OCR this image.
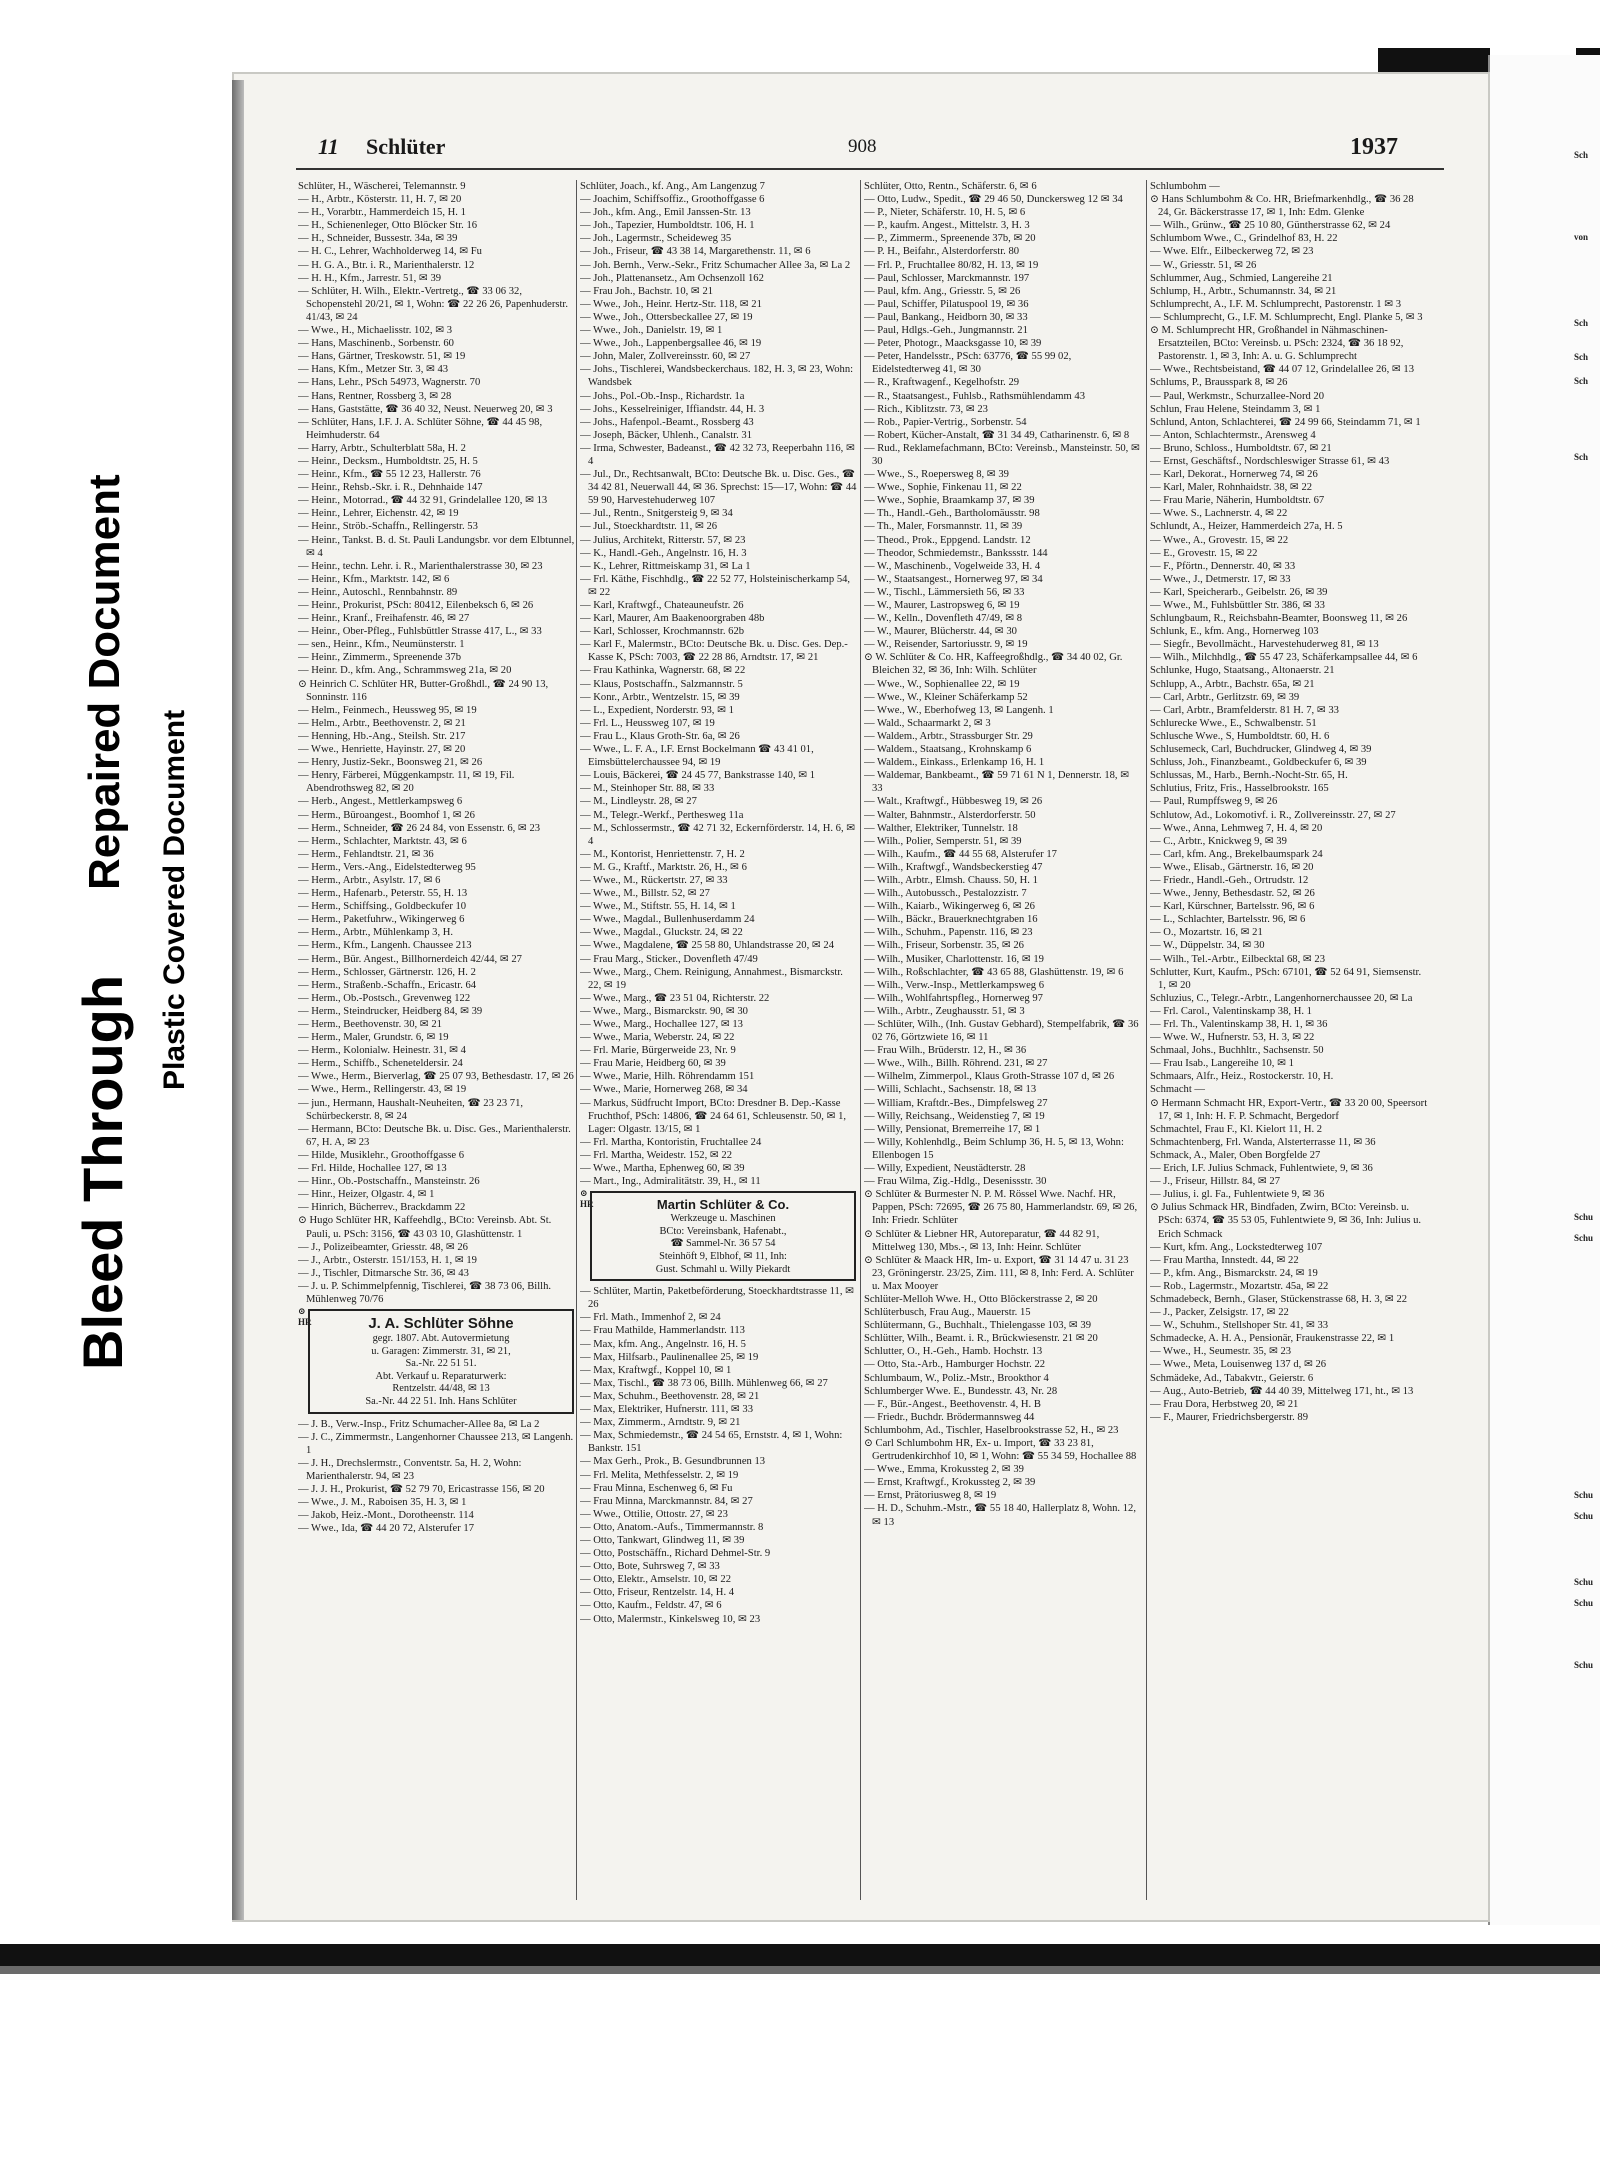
Bleed Through
Repaired Document
Plastic Covered Document
Sch
von
Sch
Sch
Sch
Sch
Schu
Schu
Schu
Schu
Schu
Schu
Schu
11 Schlüter	908	1937

Schlüter, H., Wäscherei, Telemannstr. 9

— H., Arbtr., Kösterstr. 11, H. 7, ✉ 20

— H., Vorarbtr., Hammerdeich 15, H. 1

— H., Schienenleger, Otto Blöcker Str. 16

— H., Schneider, Bussestr. 34a, ✉ 39

— H. C., Lehrer, Wachholderweg 14, ✉ Fu

— H. G. A., Btr. i. R., Marienthalerstr. 12

— H. H., Kfm., Jarrestr. 51, ✉ 39

— Schlüter, H. Wilh., Elektr.-Vertretg., ☎ 33 06 32, Schopenstehl 20/21, ✉ 1, Wohn: ☎ 22 26 26, Papenhuderstr. 41/43, ✉ 24

— Wwe., H., Michaelisstr. 102, ✉ 3

— Hans, Maschinenb., Sorbenstr. 60

— Hans, Gärtner, Treskowstr. 51, ✉ 19

— Hans, Kfm., Metzer Str. 3, ✉ 43

— Hans, Lehr., PSch 54973, Wagnerstr. 70

— Hans, Rentner, Rossberg 3, ✉ 28

— Hans, Gaststätte, ☎ 36 40 32, Neust. Neuerweg 20, ✉ 3

— Schlüter, Hans, I.F. J. A. Schlüter Söhne, ☎ 44 45 98, Heimhuderstr. 64

— Harry, Arbtr., Schulterblatt 58a, H. 2

— Heinr., Decksm., Humboldtstr. 25, H. 5

— Heinr., Kfm., ☎ 55 12 23, Hallerstr. 76

— Heinr., Rehsb.-Skr. i. R., Dehnhaide 147

— Heinr., Motorrad., ☎ 44 32 91, Grindelallee 120, ✉ 13

— Heinr., Lehrer, Eichenstr. 42, ✉ 19

— Heinr., Ströb.-Schaffn., Rellingerstr. 53

— Heinr., Tankst. B. d. St. Pauli Landungsbr. vor dem Elbtunnel, ✉ 4

— Heinr., techn. Lehr. i. R., Marienthalerstrasse 30, ✉ 23

— Heinr., Kfm., Marktstr. 142, ✉ 6

— Heinr., Autoschl., Rennbahnstr. 89

— Heinr., Prokurist, PSch: 80412, Eilenbeksch 6, ✉ 26

— Heinr., Kranf., Freihafenstr. 46, ✉ 27

— Heinr., Ober-Pfleg., Fuhlsbüttler Strasse 417, L., ✉ 33

— sen., Heinr., Kfm., Neumünsterstr. 1

— Heinr., Zimmerm., Spreenende 37b

— Heinr. D., kfm. Ang., Schrammsweg 21a, ✉ 20

⊙ Heinrich C. Schlüter HR, Butter-Großhdl., ☎ 24 90 13, Sonninstr. 116

— Helm., Feinmech., Heussweg 95, ✉ 19

— Helm., Arbtr., Beethovenstr. 2, ✉ 21

— Henning, Hb.-Ang., Steilsh. Str. 217

— Wwe., Henriette, Hayinstr. 27, ✉ 20

— Henry, Justiz-Sekr., Boonsweg 21, ✉ 26

— Henry, Färberei, Müggenkampstr. 11, ✉ 19, Fil. Abendrothsweg 82, ✉ 20

— Herb., Angest., Mettlerkampsweg 6

— Herm., Büroangest., Boomhof 1, ✉ 26

— Herm., Schneider, ☎ 26 24 84, von Essenstr. 6, ✉ 23

— Herm., Schlachter, Marktstr. 43, ✉ 6

— Herm., Fehlandtstr. 21, ✉ 36

— Herm., Vers.-Ang., Eidelstedterweg 95

— Herm., Arbtr., Asylstr. 17, ✉ 6

— Herm., Hafenarb., Peterstr. 55, H. 13

— Herm., Schiffsing., Goldbeckufer 10

— Herm., Paketfuhrw., Wikingerweg 6

— Herm., Arbtr., Mühlenkamp 3, H.

— Herm., Kfm., Langenh. Chaussee 213

— Herm., Bür. Angest., Billhornerdeich 42/44, ✉ 27

— Herm., Schlosser, Gärtnerstr. 126, H. 2

— Herm., Straßenb.-Schaffn., Ericastr. 64

— Herm., Ob.-Postsch., Grevenweg 122

— Herm., Steindrucker, Heidberg 84, ✉ 39

— Herm., Beethovenstr. 30, ✉ 21

— Herm., Maler, Grundstr. 6, ✉ 19

— Herm., Kolonialw. Heinestr. 31, ✉ 4

— Herm., Schiffb., Scheneteldersir. 24

— Wwe., Herm., Bierverlag, ☎ 25 07 93, Bethesdastr. 17, ✉ 26

— Wwe., Herm., Rellingerstr. 43, ✉ 19

— jun., Hermann, Haushalt-Neuheiten, ☎ 23 23 71, Schürbeckerstr. 8, ✉ 24

— Hermann, BCto: Deutsche Bk. u. Disc. Ges., Marienthalerstr. 67, H. A, ✉ 23

— Hilde, Musiklehr., Groothoffgasse 6

— Frl. Hilde, Hochallee 127, ✉ 13

— Hinr., Ob.-Postschaffn., Mansteinstr. 26

— Hinr., Heizer, Olgastr. 4, ✉ 1

— Hinrich, Bücherrev., Brackdamm 22

⊙ Hugo Schlüter HR, Kaffeehdlg., BCto: Vereinsb. Abt. St. Pauli, u. PSch: 3156, ☎ 43 03 10, Glashüttenstr. 1

— J., Polizeibeamter, Griesstr. 48, ✉ 26

— J., Arbtr., Osterstr. 151/153, H. 1, ✉ 19

— J., Tischler, Ditmarsche Str. 36, ✉ 43

— J. u. P. Schimmelpfennig, Tischlerei, ☎ 38 73 06, Billh. Mühlenweg 70/76

⊙ HR	J. A. Schlüter Söhne

gegr. 1807. Abt. Autovermietung

u. Garagen: Zimmerstr. 31, ✉ 21,

Sa.-Nr. 22 51 51.

Abt. Verkauf u. Reparaturwerk:

Rentzelstr. 44/48, ✉ 13

Sa.-Nr. 44 22 51. Inh. Hans Schlüter

— J. B., Verw.-Insp., Fritz Schumacher-Allee 8a, ✉ La 2

— J. C., Zimmermstr., Langenhorner Chaussee 213, ✉ Langenh. 1

— J. H., Drechslermstr., Conventstr. 5a, H. 2, Wohn: Marienthalerstr. 94, ✉ 23

— J. J. H., Prokurist, ☎ 52 79 70, Ericastrasse 156, ✉ 20

— Wwe., J. M., Raboisen 35, H. 3, ✉ 1

— Jakob, Heiz.-Mont., Dorotheenstr. 114

— Wwe., Ida, ☎ 44 20 72, Alsterufer 17

Schlüter, Joach., kf. Ang., Am Langenzug 7

— Joachim, Schiffsoffiz., Groothoffgasse 6

— Joh., kfm. Ang., Emil Janssen-Str. 13

— Joh., Tapezier, Humboldtstr. 106, H. 1

— Joh., Lagermstr., Scheideweg 35

— Joh., Friseur, ☎ 43 38 14, Margarethenstr. 11, ✉ 6

— Joh. Bernh., Verw.-Sekr., Fritz Schumacher Allee 3a, ✉ La 2

— Joh., Plattenansetz., Am Ochsenzoll 162

— Frau Joh., Bachstr. 10, ✉ 21

— Wwe., Joh., Heinr. Hertz-Str. 118, ✉ 21

— Wwe., Joh., Ottersbeckallee 27, ✉ 19

— Wwe., Joh., Danielstr. 19, ✉ 1

— Wwe., Joh., Lappenbergsallee 46, ✉ 19

— John, Maler, Zollvereinsstr. 60, ✉ 27

— Johs., Tischlerei, Wandsbeckerchaus. 182, H. 3, ✉ 23, Wohn: Wandsbek

— Johs., Pol.-Ob.-Insp., Richardstr. 1a

— Johs., Kesselreiniger, Iffiandstr. 44, H. 3

— Johs., Hafenpol.-Beamt., Rossberg 43

— Joseph, Bäcker, Uhlenh., Canalstr. 31

— Irma, Schwester, Badeanst., ☎ 42 32 73, Reeperbahn 116, ✉ 4

— Jul., Dr., Rechtsanwalt, BCto: Deutsche Bk. u. Disc. Ges., ☎ 34 42 81, Neuerwall 44, ✉ 36. Sprechst: 15—17, Wohn: ☎ 44 59 90, Harvestehuderweg 107

— Jul., Rentn., Snitgersteig 9, ✉ 34

— Jul., Stoeckhardtstr. 11, ✉ 26

— Julius, Architekt, Ritterstr. 57, ✉ 23

— K., Handl.-Geh., Angelnstr. 16, H. 3

— K., Lehrer, Rittmeiskamp 31, ✉ La 1

— Frl. Käthe, Fischhdlg., ☎ 22 52 77, Holsteinischerkamp 54, ✉ 22

— Karl, Kraftwgf., Chateauneufstr. 26

— Karl, Maurer, Am Baakenoorgraben 48b

— Karl, Schlosser, Krochmannstr. 62b

— Karl F., Malermstr., BCto: Deutsche Bk. u. Disc. Ges. Dep.-Kasse K, PSch: 7003, ☎ 22 28 86, Arndtstr. 17, ✉ 21

— Frau Kathinka, Wagnerstr. 68, ✉ 22

— Klaus, Postschaffn., Salzmannstr. 5

— Konr., Arbtr., Wentzelstr. 15, ✉ 39

— L., Expedient, Norderstr. 93, ✉ 1

— Frl. L., Heussweg 107, ✉ 19

— Frau L., Klaus Groth-Str. 6a, ✉ 26

— Wwe., L. F. A., I.F. Ernst Bockelmann ☎ 43 41 01, Eimsbüttelerchaussee 94, ✉ 19

— Louis, Bäckerei, ☎ 24 45 77, Bankstrasse 140, ✉ 1

— M., Steinhoper Str. 88, ✉ 33

— M., Lindleystr. 28, ✉ 27

— M., Telegr.-Werkf., Perthesweg 11a

— M., Schlossermstr., ☎ 42 71 32, Eckernförderstr. 14, H. 6, ✉ 4

— M., Kontorist, Henriettenstr. 7, H. 2

— M. G., Kraftf., Marktstr. 26, H., ✉ 6

— Wwe., M., Rückertstr. 27, ✉ 33

— Wwe., M., Billstr. 52, ✉ 27

— Wwe., M., Stiftstr. 55, H. 14, ✉ 1

— Wwe., Magdal., Bullenhuserdamm 24

— Wwe., Magdal., Gluckstr. 24, ✉ 22

— Wwe., Magdalene, ☎ 25 58 80, Uhlandstrasse 20, ✉ 24

— Frau Marg., Sticker., Dovenfleth 47/49

— Wwe., Marg., Chem. Reinigung, Annahmest., Bismarckstr. 22, ✉ 19

— Wwe., Marg., ☎ 23 51 04, Richterstr. 22

— Wwe., Marg., Bismarckstr. 90, ✉ 30

— Wwe., Marg., Hochallee 127, ✉ 13

— Wwe., Maria, Weberstr. 24, ✉ 22

— Frl. Marie, Bürgerweide 23, Nr. 9

— Frau Marie, Heidberg 60, ✉ 39

— Wwe., Marie, Hilh. Röhrendamm 151

— Wwe., Marie, Hornerweg 268, ✉ 34

— Markus, Südfrucht Import, BCto: Dresdner B. Dep.-Kasse Fruchthof, PSch: 14806, ☎ 24 64 61, Schleusenstr. 50, ✉ 1, Lager: Olgastr. 13/15, ✉ 1

— Frl. Martha, Kontoristin, Fruchtallee 24

— Frl. Martha, Weidestr. 152, ✉ 22

— Wwe., Martha, Ephenweg 60, ✉ 39

— Mart., Ing., Admiralitätstr. 39, H., ✉ 11

⊙ HR	Martin Schlüter & Co.

Werkzeuge u. Maschinen

BCto: Vereinsbank, Hafenabt.,

☎ Sammel-Nr. 36 57 54

Steinhöft 9, Elbhof, ✉ 11, Inh:

Gust. Schmahl u. Willy Piekardt

— Schlüter, Martin, Paketbeförderung, Stoeckhardtstrasse 11, ✉ 26

— Frl. Math., Immenhof 2, ✉ 24

— Frau Mathilde, Hammerlandstr. 113

— Max, kfm. Ang., Angelnstr. 16, H. 5

— Max, Hilfsarb., Paulinenallee 25, ✉ 19

— Max, Kraftwgf., Koppel 10, ✉ 1

— Max, Tischl., ☎ 38 73 06, Billh. Mühlenweg 66, ✉ 27

— Max, Schuhm., Beethovenstr. 28, ✉ 21

— Max, Elektriker, Hufnerstr. 111, ✉ 33

— Max, Zimmerm., Arndtstr. 9, ✉ 21

— Max, Schmiedemstr., ☎ 24 54 65, Ernststr. 4, ✉ 1, Wohn: Bankstr. 151

— Max Gerh., Prok., B. Gesundbrunnen 13

— Frl. Melita, Methfesselstr. 2, ✉ 19

— Frau Minna, Eschenweg 6, ✉ Fu

— Frau Minna, Marckmannstr. 84, ✉ 27

— Wwe., Ottilie, Ottostr. 27, ✉ 23

— Otto, Anatom.-Aufs., Timmermannstr. 8

— Otto, Tankwart, Glindweg 11, ✉ 39

— Otto, Postschäffn., Richard Dehmel-Str. 9

— Otto, Bote, Suhrsweg 7, ✉ 33

— Otto, Elektr., Amselstr. 10, ✉ 22

— Otto, Friseur, Rentzelstr. 14, H. 4

— Otto, Kaufm., Feldstr. 47, ✉ 6

— Otto, Malermstr., Kinkelsweg 10, ✉ 23

Schlüter, Otto, Rentn., Schäferstr. 6, ✉ 6

— Otto, Ludw., Spedit., ☎ 29 46 50, Dunckersweg 12 ✉ 34

— P., Nieter, Schäferstr. 10, H. 5, ✉ 6

— P., kaufm. Angest., Mittelstr. 3, H. 3

— P., Zimmerm., Spreenende 37b, ✉ 20

— P. H., Beifahr., Alsterdorferstr. 80

— Frl. P., Fruchtallee 80/82, H. 13, ✉ 19

— Paul, Schlosser, Marckmannstr. 197

— Paul, kfm. Ang., Griesstr. 5, ✉ 26

— Paul, Schiffer, Pilatuspool 19, ✉ 36

— Paul, Bankang., Heidborn 30, ✉ 33

— Paul, Hdlgs.-Geh., Jungmannstr. 21

— Peter, Photogr., Maacksgasse 10, ✉ 39

— Peter, Handelsstr., PSch: 63776, ☎ 55 99 02, Eidelstedterweg 41, ✉ 30

— R., Kraftwagenf., Kegelhofstr. 29

— R., Staatsangest., Fuhlsb., Rathsmühlendamm 43

— Rich., Kiblitzstr. 73, ✉ 23

— Rob., Papier-Vertrig., Sorbenstr. 54

— Robert, Kücher-Anstalt, ☎ 31 34 49, Catharinenstr. 6, ✉ 8

— Rud., Reklamefachmann, BCto: Vereinsb., Mansteinstr. 50, ✉ 30

— Wwe., S., Roepersweg 8, ✉ 39

— Wwe., Sophie, Finkenau 11, ✉ 22

— Wwe., Sophie, Braamkamp 37, ✉ 39

— Th., Handl.-Geh., Bartholomäusstr. 98

— Th., Maler, Forsmannstr. 11, ✉ 39

— Theod., Prok., Eppgend. Landstr. 12

— Theodor, Schmiedemstr., Bankssstr. 144

— W., Maschinenb., Vogelweide 33, H. 4

— W., Staatsangest., Hornerweg 97, ✉ 34

— W., Tischl., Lämmersieth 56, ✉ 33

— W., Maurer, Lastropsweg 6, ✉ 19

— W., Kelln., Dovenfleth 47/49, ✉ 8

— W., Maurer, Blücherstr. 44, ✉ 30

— W., Reisender, Sartoriusstr. 9, ✉ 19

⊙ W. Schlüter & Co. HR, Kaffeegroßhdlg., ☎ 34 40 02, Gr. Bleichen 32, ✉ 36, Inh: Wilh. Schlüter

— Wwe., W., Sophienallee 22, ✉ 19

— Wwe., W., Kleiner Schäferkamp 52

— Wwe., W., Eberhofweg 13, ✉ Langenh. 1

— Wald., Schaarmarkt 2, ✉ 3

— Waldem., Arbtr., Strassburger Str. 29

— Waldem., Staatsang., Krohnskamp 6

— Waldem., Einkass., Erlenkamp 16, H. 1

— Waldemar, Bankbeamt., ☎ 59 71 61 N 1, Dennerstr. 18, ✉ 33

— Walt., Kraftwgf., Hübbesweg 19, ✉ 26

— Walter, Bahnmstr., Alsterdorferstr. 50

— Walther, Elektriker, Tunnelstr. 18

— Wilh., Polier, Semperstr. 51, ✉ 39

— Wilh., Kaufm., ☎ 44 55 68, Alsterufer 17

— Wilh., Kraftwgf., Wandsbeckerstieg 47

— Wilh., Arbtr., Elmsh. Chauss. 50, H. 1

— Wilh., Autobussch., Pestalozzistr. 7

— Wilh., Kaiarb., Wikingerweg 6, ✉ 26

— Wilh., Bäckr., Brauerknechtgraben 16

— Wilh., Schuhm., Papenstr. 116, ✉ 23

— Wilh., Friseur, Sorbenstr. 35, ✉ 26

— Wilh., Musiker, Charlottenstr. 16, ✉ 19

— Wilh., Roßschlachter, ☎ 43 65 88, Glashüttenstr. 19, ✉ 6

— Wilh., Verw.-Insp., Mettlerkampsweg 6

— Wilh., Wohlfahrtspfleg., Hornerweg 97

— Wilh., Arbtr., Zeughausstr. 51, ✉ 3

— Schlüter, Wilh., (Inh. Gustav Gebhard), Stempelfabrik, ☎ 36 02 76, Görtzwiete 16, ✉ 11

— Frau Wilh., Brüderstr. 12, H., ✉ 36

— Wwe., Wilh., Billh. Röhrend. 231, ✉ 27

— Wilhelm, Zimmerpol., Klaus Groth-Strasse 107 d, ✉ 26

— Willi, Schlacht., Sachsenstr. 18, ✉ 13

— William, Kraftdr.-Bes., Dimpfelsweg 27

— Willy, Reichsang., Weidenstieg 7, ✉ 19

— Willy, Pensionat, Bremerreihe 17, ✉ 1

— Willy, Kohlenhdlg., Beim Schlump 36, H. 5, ✉ 13, Wohn: Ellenbogen 15

— Willy, Expedient, Neustädterstr. 28

— Frau Wilma, Zig.-Hdlg., Desenissstr. 30

⊙ Schlüter & Burmester N. P. M. Rössel Wwe. Nachf. HR, Pappen, PSch: 72695, ☎ 26 75 80, Hammerlandstr. 69, ✉ 26, Inh: Friedr. Schlüter

⊙ Schlüter & Liebner HR, Autoreparatur, ☎ 44 82 91, Mittelweg 130, Mbs.-, ✉ 13, Inh: Heinr. Schlüter

⊙ Schlüter & Maack HR, Im- u. Export, ☎ 31 14 47 u. 31 23 23, Gröningerstr. 23/25, Zim. 111, ✉ 8, Inh: Ferd. A. Schlüter u. Max Mooyer

Schlüter-Melloh Wwe. H., Otto Blöckerstrasse 2, ✉ 20

Schlüterbusch, Frau Aug., Mauerstr. 15

Schlütermann, G., Buchhalt., Thielengasse 103, ✉ 39

Schlütter, Wilh., Beamt. i. R., Brückwiesenstr. 21 ✉ 20

Schlutter, O., H.-Geh., Hamb. Hochstr. 13

— Otto, Sta.-Arb., Hamburger Hochstr. 22

Schlumbaum, W., Poliz.-Mstr., Brookthor 4

Schlumberger Wwe. E., Bundesstr. 43, Nr. 28

— F., Bür.-Angest., Beethovenstr. 4, H. B

— Friedr., Buchdr. Brödermannsweg 44

Schlumbohm, Ad., Tischler, Haselbrookstrasse 52, H., ✉ 23

⊙ Carl Schlumbohm HR, Ex- u. Import, ☎ 33 23 81, Gertrudenkirchhof 10, ✉ 1, Wohn: ☎ 55 34 59, Hochallee 88

— Wwe., Emma, Krokussteg 2, ✉ 39

— Ernst, Kraftwgf., Krokussteg 2, ✉ 39

— Ernst, Prätoriusweg 8, ✉ 19

— H. D., Schuhm.-Mstr., ☎ 55 18 40, Hallerplatz 8, Wohn. 12, ✉ 13

Schlumbohm —

⊙ Hans Schlumbohm & Co. HR, Briefmarkenhdlg., ☎ 36 28 24, Gr. Bäckerstrasse 17, ✉ 1, Inh: Edm. Glenke

— Wilh., Grünw., ☎ 25 10 80, Güntherstrasse 62, ✉ 24

Schlumbom Wwe., C., Grindelhof 83, H. 22

— Wwe. Elfr., Eilbeckerweg 72, ✉ 23

— W., Griesstr. 51, ✉ 26

Schlummer, Aug., Schmied, Langereihe 21

Schlump, H., Arbtr., Schumannstr. 34, ✉ 21

Schlumprecht, A., I.F. M. Schlumprecht, Pastorenstr. 1 ✉ 3

— Schlumprecht, G., I.F. M. Schlumprecht, Engl. Planke 5, ✉ 3

⊙ M. Schlumprecht HR, Großhandel in Nähmaschinen-Ersatzteilen, BCto: Vereinsb. u. PSch: 2324, ☎ 36 18 92, Pastorenstr. 1, ✉ 3, Inh: A. u. G. Schlumprecht

— Wwe., Rechtsbeistand, ☎ 44 07 12, Grindelallee 26, ✉ 13

Schlums, P., Brausspark 8, ✉ 26

— Paul, Werkmstr., Schurzallee-Nord 20

Schlun, Frau Helene, Steindamm 3, ✉ 1

Schlund, Anton, Schlachterei, ☎ 24 99 66, Steindamm 71, ✉ 1

— Anton, Schlachtermstr., Arensweg 4

— Bruno, Schloss., Humboldtstr. 67, ✉ 21

— Ernst, Geschäftsf., Nordschleswiger Strasse 61, ✉ 43

— Karl, Dekorat., Hornerweg 74, ✉ 26

— Karl, Maler, Rohnhaidstr. 38, ✉ 22

— Frau Marie, Näherin, Humboldtstr. 67

— Wwe. S., Lachnerstr. 4, ✉ 22

Schlundt, A., Heizer, Hammerdeich 27a, H. 5

— Wwe., A., Grovestr. 15, ✉ 22

— E., Grovestr. 15, ✉ 22

— F., Pförtn., Dennerstr. 40, ✉ 33

— Wwe., J., Detmerstr. 17, ✉ 33

— Karl, Speicherarb., Geibelstr. 26, ✉ 39

— Wwe., M., Fuhlsbüttler Str. 386, ✉ 33

Schlungbaum, R., Reichsbahn-Beamter, Boonsweg 11, ✉ 26

Schlunk, E., kfm. Ang., Hornerweg 103

— Siegfr., Bevollmächt., Harvestehuderweg 81, ✉ 13

— Wilh., Milchhdlg., ☎ 55 47 23, Schäferkampsallee 44, ✉ 6

Schlunke, Hugo, Staatsang., Altonaerstr. 21

Schlupp, A., Arbtr., Bachstr. 65a, ✉ 21

— Carl, Arbtr., Gerlitzstr. 69, ✉ 39

— Carl, Arbtr., Bramfelderstr. 81 H. 7, ✉ 33

Schlurecke Wwe., E., Schwalbenstr. 51

Schlusche Wwe., S, Humboldtstr. 60, H. 6

Schlusemeck, Carl, Buchdrucker, Glindweg 4, ✉ 39

Schluss, Joh., Finanzbeamt., Goldbeckufer 6, ✉ 39

Schlussas, M., Harb., Bernh.-Nocht-Str. 65, H.

Schlutius, Fritz, Fris., Hasselbrookstr. 165

— Paul, Rumpffsweg 9, ✉ 26

Schlutow, Ad., Lokomotivf. i. R., Zollvereinsstr. 27, ✉ 27

— Wwe., Anna, Lehmweg 7, H. 4, ✉ 20

— C., Arbtr., Knickweg 9, ✉ 39

— Carl, kfm. Ang., Brekelbaumspark 24

— Wwe., Elisab., Gärtnerstr. 16, ✉ 20

— Friedr., Handl.-Geh., Ortrudstr. 12

— Wwe., Jenny, Bethesdastr. 52, ✉ 26

— Karl, Kürschner, Bartelsstr. 96, ✉ 6

— L., Schlachter, Bartelsstr. 96, ✉ 6

— O., Mozartstr. 16, ✉ 21

— W., Düppelstr. 34, ✉ 30

— Wilh., Tel.-Arbtr., Eilbecktal 68, ✉ 23

Schlutter, Kurt, Kaufm., PSch: 67101, ☎ 52 64 91, Siemsenstr. 1, ✉ 20

Schluzius, C., Telegr.-Arbtr., Langenhornerchaussee 20, ✉ La

— Frl. Carol., Valentinskamp 38, H. 1

— Frl. Th., Valentinskamp 38, H. 1, ✉ 36

— Wwe. W., Hufnerstr. 53, H. 3, ✉ 22

Schmaal, Johs., Buchhltr., Sachsenstr. 50

— Frau Isab., Langereihe 10, ✉ 1

Schmaars, Alfr., Heiz., Rostockerstr. 10, H.

Schmacht —

⊙ Hermann Schmacht HR, Export-Vertr., ☎ 33 20 00, Speersort 17, ✉ 1, Inh: H. F. P. Schmacht, Bergedorf

Schmachtel, Frau F., Kl. Kielort 11, H. 2

Schmachtenberg, Frl. Wanda, Alsterterrasse 11, ✉ 36

Schmack, A., Maler, Oben Borgfelde 27

— Erich, I.F. Julius Schmack, Fuhlentwiete, 9, ✉ 36

— J., Friseur, Hillstr. 84, ✉ 27

— Julius, i. gl. Fa., Fuhlentwiete 9, ✉ 36

⊙ Julius Schmack HR, Bindfaden, Zwirn, BCto: Vereinsb. u. PSch: 6374, ☎ 35 53 05, Fuhlentwiete 9, ✉ 36, Inh: Julius u. Erich Schmack

— Kurt, kfm. Ang., Lockstedterweg 107

— Frau Martha, Innstedt. 44, ✉ 22

— P., kfm. Ang., Bismarckstr. 24, ✉ 19

— Rob., Lagermstr., Mozartstr. 45a, ✉ 22

Schmadebeck, Bernh., Glaser, Stückenstrasse 68, H. 3, ✉ 22

— J., Packer, Zelsigstr. 17, ✉ 22

— W., Schuhm., Stellshoper Str. 41, ✉ 33

Schmadecke, A. H. A., Pensionär, Fraukenstrasse 22, ✉ 1

— Wwe., H., Seumestr. 35, ✉ 23

— Wwe., Meta, Louisenweg 137 d, ✉ 26

Schmädeke, Ad., Tabakvtr., Geierstr. 6

— Aug., Auto-Betrieb, ☎ 44 40 39, Mittelweg 171, ht., ✉ 13

— Frau Dora, Herbstweg 20, ✉ 21

— F., Maurer, Friedrichsbergerstr. 89
